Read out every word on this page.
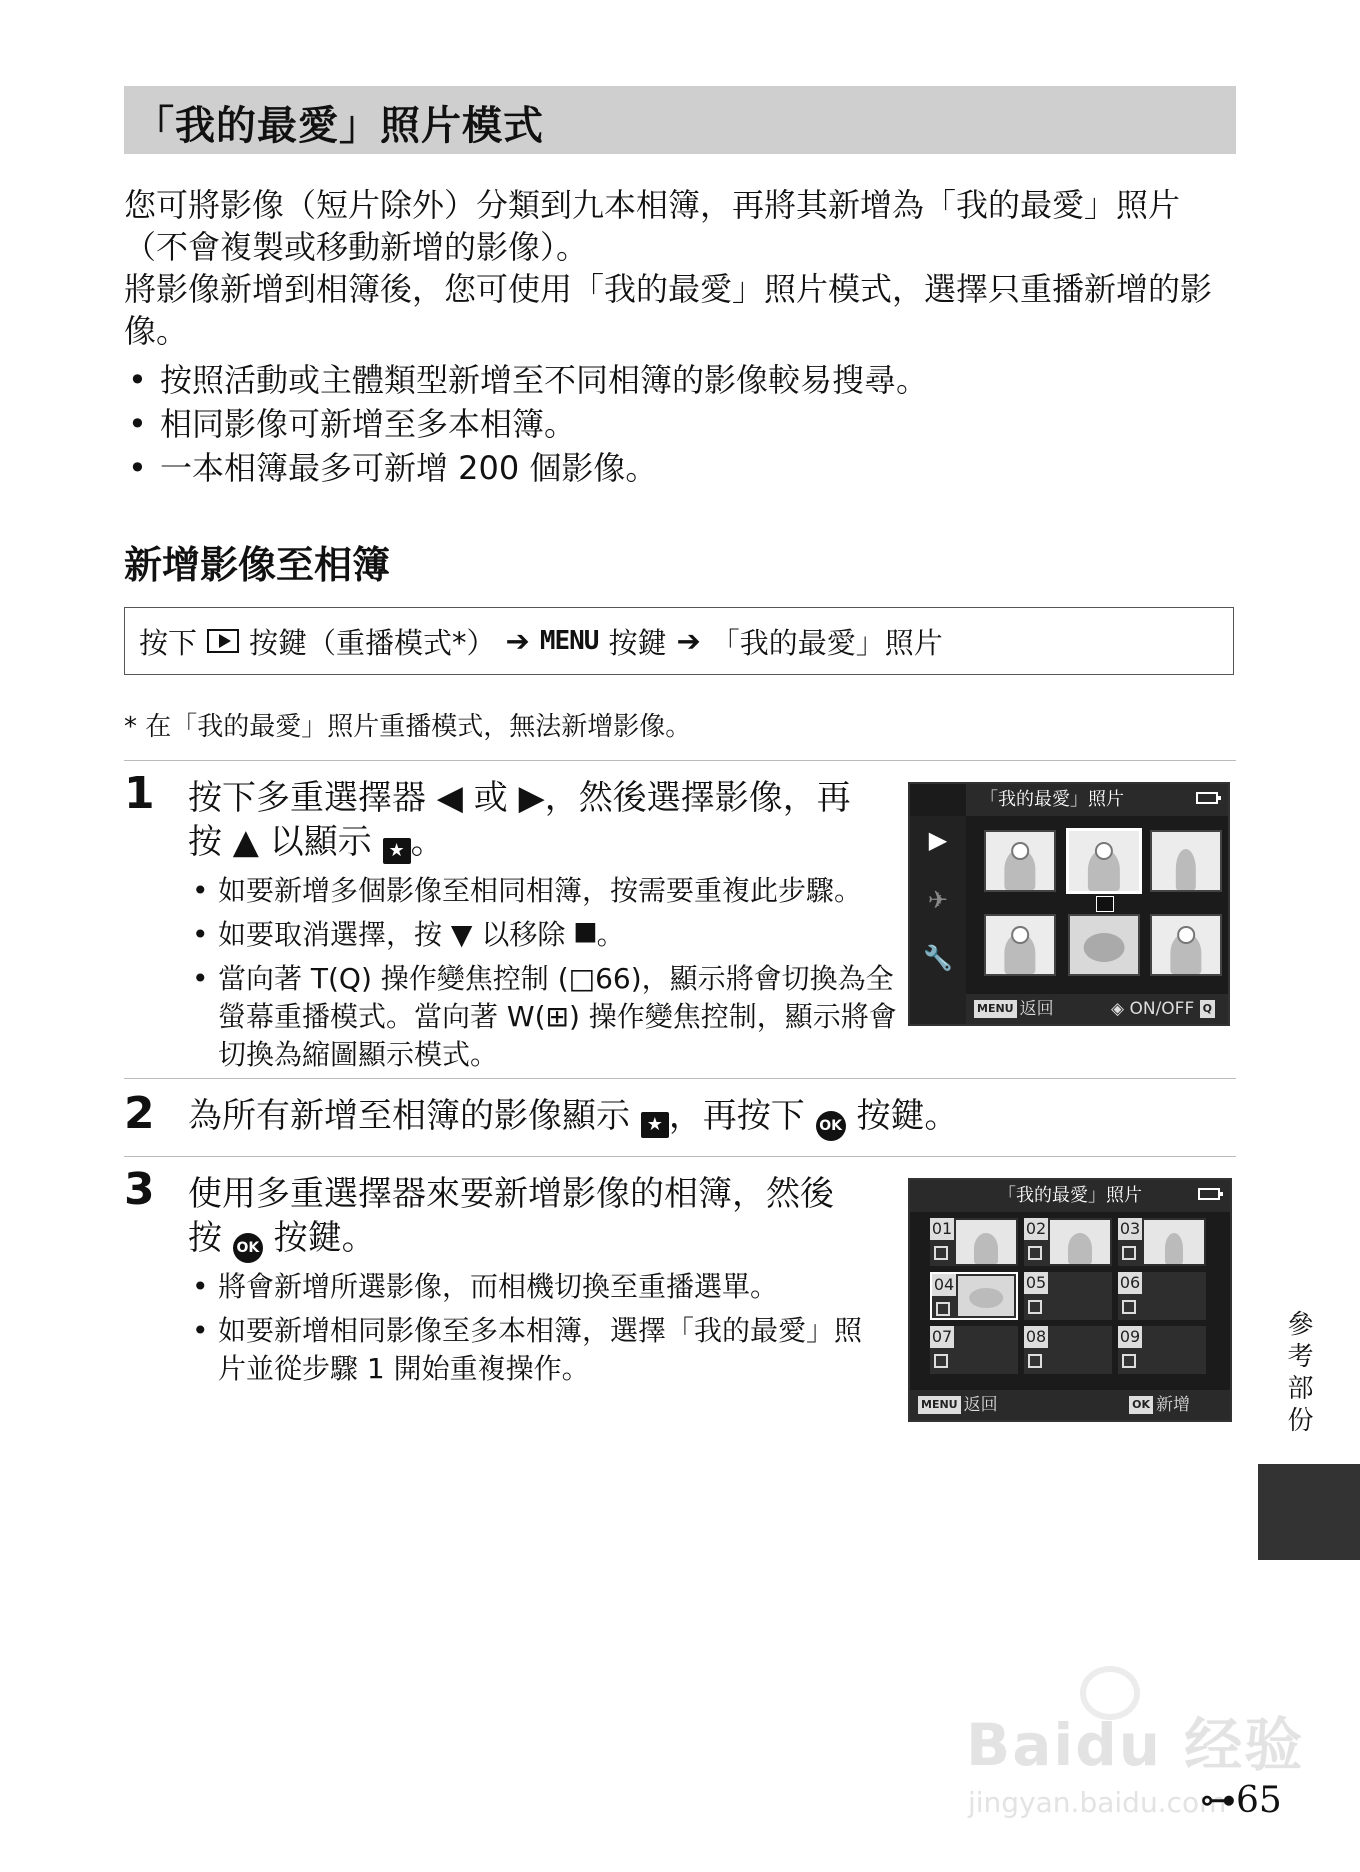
「我的最愛」照片模式

您可將影像（短片除外）分類到九本相簿，再將其新增為「我的最愛」照片（不會複製或移動新增的影像）。

將影像新增到相簿後，您可使用「我的最愛」照片模式，選擇只重播新增的影像。

• 按照活動或主體類型新增至不同相簿的影像較易搜尋。
• 相同影像可新增至多本相簿。
• 一本相簿最多可新增 200 個影像。
新增影像至相簿
按下 按鍵（重播模式*） ➔ MENU 按鍵 ➔ 「我的最愛」照片
* 在「我的最愛」照片重播模式，無法新增影像。
1 按下多重選擇器 ◀ 或 ▶，然後選擇影像，再
按 ▲ 以顯示 ★ 。
• 如要新增多個影像至相同相簿，按需要重複此步驟。
• 如要取消選擇，按 ▼ 以移除 ⯀。
• 當向著 T(Q) 操作變焦控制 (□66)，顯示將會切換為全螢幕重播模式。當向著 W(⊞) 操作變焦控制，顯示將會切換為縮圖顯示模式。
▶
✈
🔧
「我的最愛」照片
MENU 返回	◈ ON/OFF Q
2 為所有新增至相簿的影像顯示 ★ ，再按下 OK 按鍵。
3 使用多重選擇器來要新增影像的相簿，然後
按 OK 按鍵。
• 將會新增所選影像，而相機切換至重播選單。
• 如要新增相同影像至多本相簿，選擇「我的最愛」照片並從步驟 1 開始重複操作。
「我的最愛」照片
01	02	03
04	05	06
07	08	09
MENU 返回	OK 新增	參考部份
Baidu 经验
jingyan.baidu.com
⊶65
